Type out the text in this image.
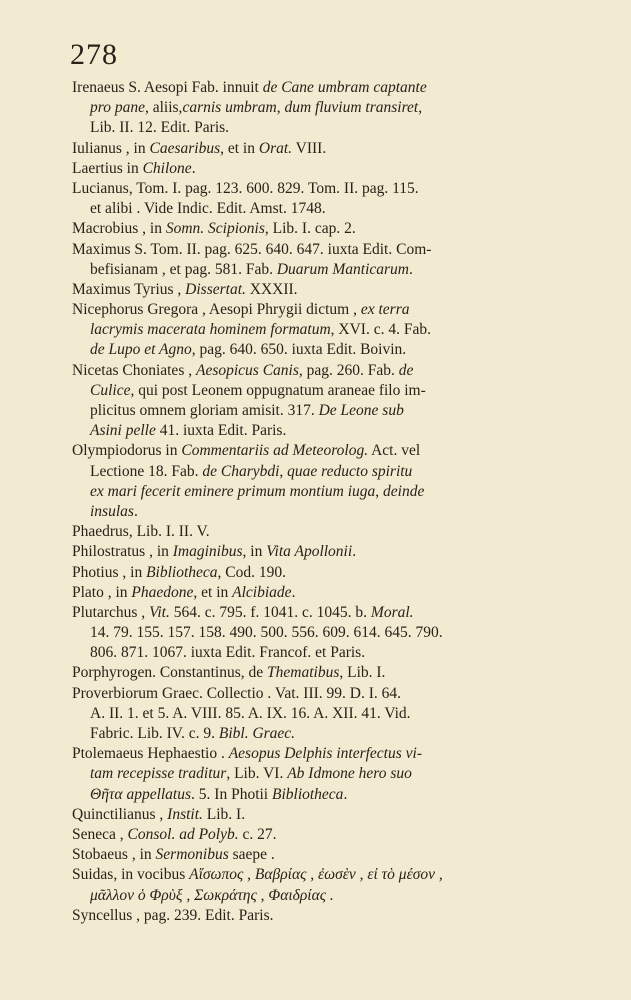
278
Irenaeus S. Aesopi Fab. innuit de Cane umbram captante
pro pane, aliis,carnis umbram, dum fluvium transiret,
Lib. II. 12. Edit. Paris.
Iulianus , in Caesaribus, et in Orat. VIII.
Laertius in Chilone.
Lucianus, Tom. I. pag. 123. 600. 829. Tom. II. pag. 115.
et alibi . Vide Indic. Edit. Amst. 1748.
Macrobius , in Somn. Scipionis, Lib. I. cap. 2.
Maximus S. Tom. II. pag. 625. 640. 647. iuxta Edit. Com-
befisianam , et pag. 581. Fab. Duarum Manticarum.
Maximus Tyrius , Dissertat. XXXII.
Nicephorus Gregora , Aesopi Phrygii dictum , ex terra
lacrymis macerata hominem formatum, XVI. c. 4. Fab.
de Lupo et Agno, pag. 640. 650. iuxta Edit. Boivin.
Nicetas Choniates , Aesopicus Canis, pag. 260. Fab. de
Culice, qui post Leonem oppugnatum araneae filo im-
plicitus omnem gloriam amisit. 317. De Leone sub
Asini pelle 41. iuxta Edit. Paris.
Olympiodorus in Commentariis ad Meteorolog. Act. vel
Lectione 18. Fab. de Charybdi, quae reducto spiritu
ex mari fecerit eminere primum montium iuga, deinde
insulas.
Phaedrus, Lib. I. II. V.
Philostratus , in Imaginibus, in Vita Apollonii.
Photius , in Bibliotheca, Cod. 190.
Plato , in Phaedone, et in Alcibiade.
Plutarchus , Vit. 564. c. 795. f. 1041. c. 1045. b. Moral.
14. 79. 155. 157. 158. 490. 500. 556. 609. 614. 645. 790.
806. 871. 1067. iuxta Edit. Francof. et Paris.
Porphyrogen. Constantinus, de Thematibus, Lib. I.
Proverbiorum Graec. Collectio . Vat. III. 99. D. I. 64.
A. II. 1. et 5. A. VIII. 85. A. IX. 16. A. XII. 41. Vid.
Fabric. Lib. IV. c. 9. Bibl. Graec.
Ptolemaeus Hephaestio . Aesopus Delphis interfectus vi-
tam recepisse traditur, Lib. VI. Ab Idmone hero suo
Θῆτα appellatus. 5. In Photii Bibliotheca.
Quinctilianus , Instit. Lib. I.
Seneca , Consol. ad Polyb. c. 27.
Stobaeus , in Sermonibus saepe .
Suidas, in vocibus Αἴσωπος , Βαβρίας , ἐωσὲν , εἰ τὸ μέσον ,
μᾶλλον ὁ Φρὺξ , Σωκράτης , Φαιδρίας .
Syncellus , pag. 239. Edit. Paris.
